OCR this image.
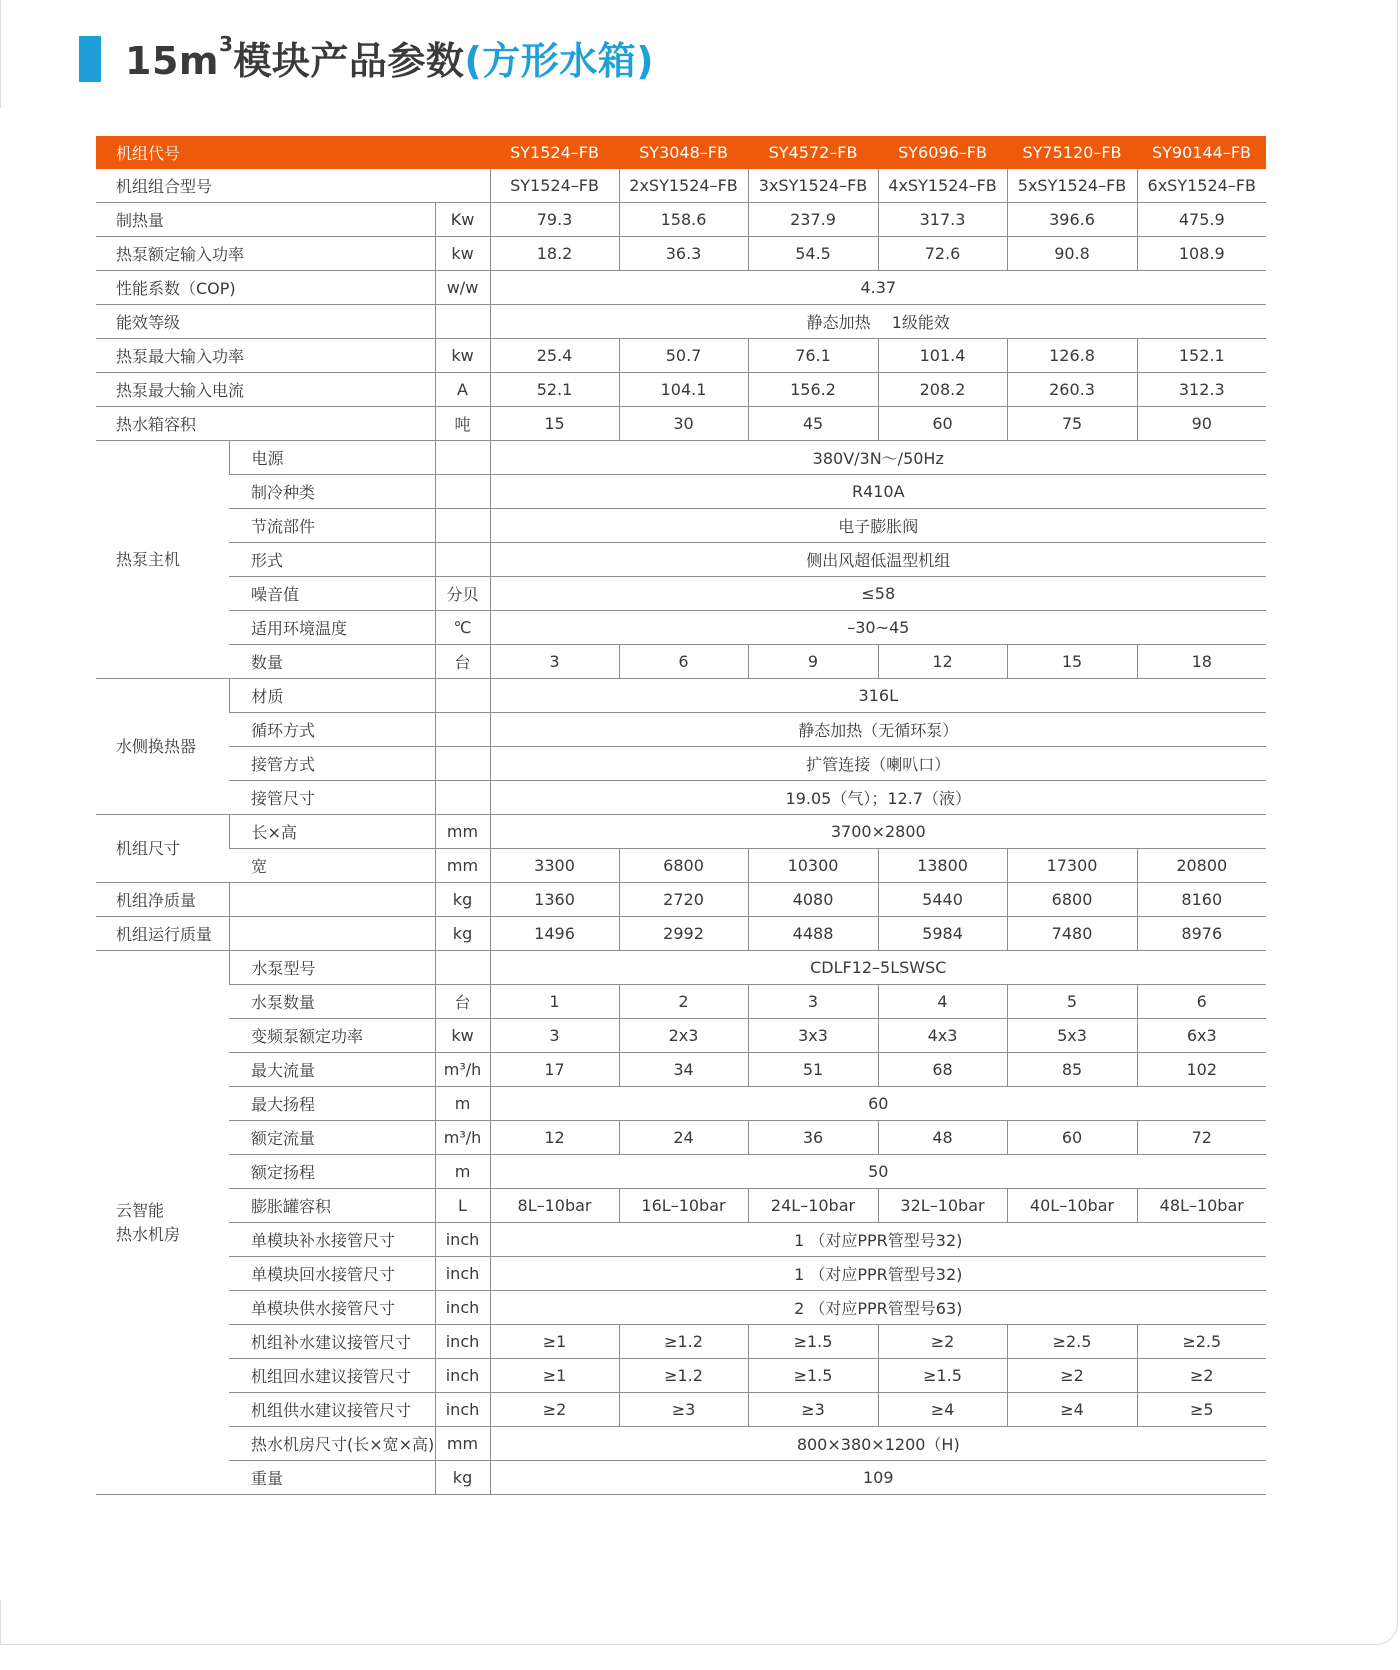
$15m^3$模块产品参数(方形水箱)
机组代号			SY1524–FB	SY3048–FB	SY4572–FB	SY6096–FB	SY75120–FB	SY90144–FB
机组组合型号			SY1524–FB	2xSY1524–FB	3xSY1524–FB	4xSY1524–FB	5xSY1524–FB	6xSY1524–FB
制热量		Kw	79.3	158.6	237.9	317.3	396.6	475.9
热泵额定输入功率		kw	18.2	36.3	54.5	72.6	90.8	108.9
性能系数（COP)		w/w	4.37					
能效等级			静态加热　 1级能效					
热泵最大输入功率		kw	25.4	50.7	76.1	101.4	126.8	152.1
热泵最大输入电流		A	52.1	104.1	156.2	208.2	260.3	312.3
热水箱容积		吨	15	30	45	60	75	90

热泵主机	电源		380V/3N～/50Hz					
	制冷种类		R410A					
	节流部件		电子膨胀阀					
	形式		侧出风超低温型机组					
	噪音值	分贝	≤58					
	适用环境温度	℃	–30~45					
	数量	台	3	6	9	12	15	18

水侧换热器	材质		316L					
	循环方式		静态加热（无循环泵）					
	接管方式		扩管连接（喇叭口）					
	接管尺寸		19.05（气）；12.7（液）					

机组尺寸	长×高	mm	3700×2800					
	宽	mm	3300	6800	10300	13800	17300	20800
机组净质量		kg	1360	2720	4080	5440	6800	8160
机组运行质量		kg	1496	2992	4488	5984	7480	8976

云智能
热水机房	水泵型号		CDLF12–5LSWSC					
	水泵数量	台	1	2	3	4	5	6
	变频泵额定功率	kw	3	2x3	3x3	4x3	5x3	6x3
	最大流量	m³/h	17	34	51	68	85	102
	最大扬程	m	60					
	额定流量	m³/h	12	24	36	48	60	72
	额定扬程	m	50					
	膨胀罐容积	L	8L–10bar	16L–10bar	24L–10bar	32L–10bar	40L–10bar	48L–10bar
	单模块补水接管尺寸	inch	1 （对应PPR管型号32)					
	单模块回水接管尺寸	inch	1 （对应PPR管型号32)					
	单模块供水接管尺寸	inch	2 （对应PPR管型号63)					
	机组补水建议接管尺寸	inch	≥1	≥1.2	≥1.5	≥2	≥2.5	≥2.5
	机组回水建议接管尺寸	inch	≥1	≥1.2	≥1.5	≥1.5	≥2	≥2
	机组供水建议接管尺寸	inch	≥2	≥3	≥3	≥4	≥4	≥5
	热水机房尺寸(长×宽×高)	mm	800×380×1200（H)					
	重量	kg	109					
